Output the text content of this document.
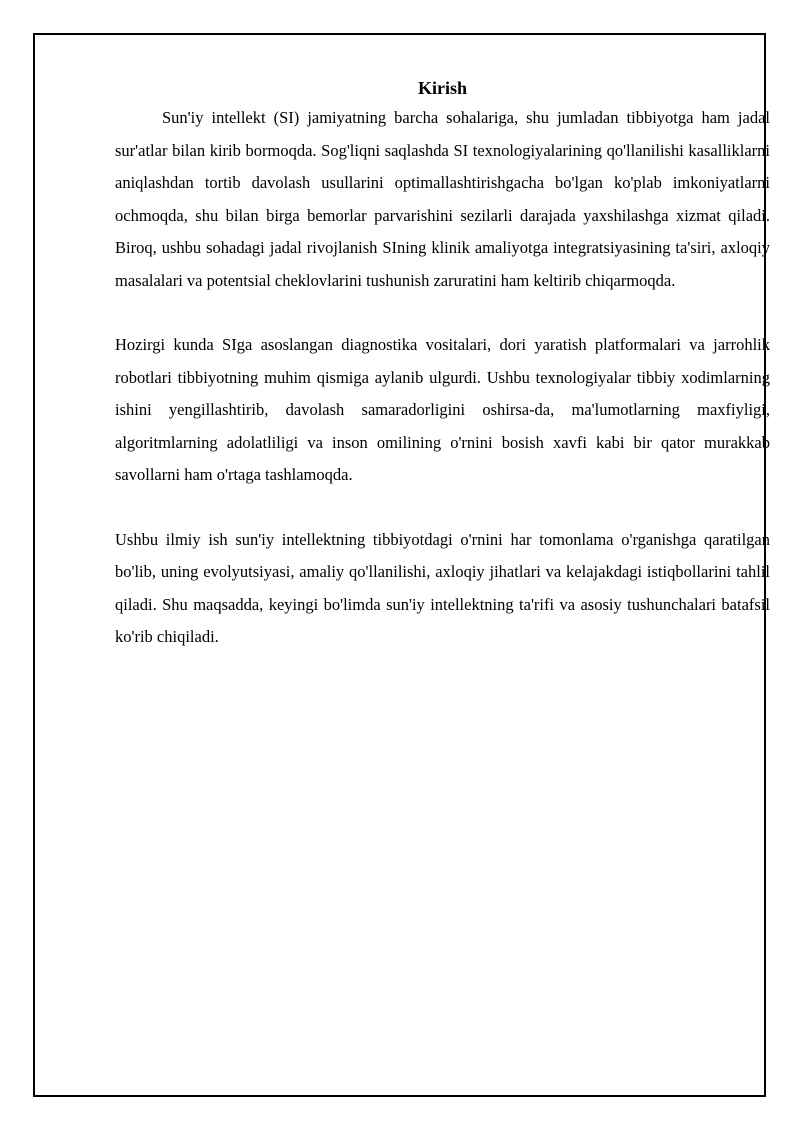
Kirish

Sun'iy intellekt (SI) jamiyatning barcha sohalariga, shu jumladan tibbiyotga ham jadal sur'atlar bilan kirib bormoqda. Sog'liqni saqlashda SI texnologiyalarining qo'llanilishi kasalliklarni aniqlashdan tortib davolash usullarini optimallashtirishgacha bo'lgan ko'plab imkoniyatlarni ochmoqda, shu bilan birga bemorlar parvarishini sezilarli darajada yaxshilashga xizmat qiladi. Biroq, ushbu sohadagi jadal rivojlanish SIning klinik amaliyotga integratsiyasining ta'siri, axloqiy masalalari va potentsial cheklovlarini tushunish zaruratini ham keltirib chiqarmoqda.

Hozirgi kunda SIga asoslangan diagnostika vositalari, dori yaratish platformalari va jarrohlik robotlari tibbiyotning muhim qismiga aylanib ulgurdi. Ushbu texnologiyalar tibbiy xodimlarning ishini yengillashtirib, davolash samaradorligini oshirsa-da, ma'lumotlarning maxfiyligi, algoritmlarning adolatliligi va inson omilining o'rnini bosish xavfi kabi bir qator murakkab savollarni ham o'rtaga tashlamoqda.

Ushbu ilmiy ish sun'iy intellektning tibbiyotdagi o'rnini har tomonlama o'rganishga qaratilgan bo'lib, uning evolyutsiyasi, amaliy qo'llanilishi, axloqiy jihatlari va kelajakdagi istiqbollarini tahlil qiladi. Shu maqsadda, keyingi bo'limda sun'iy intellektning ta'rifi va asosiy tushunchalari batafsil ko'rib chiqiladi.
